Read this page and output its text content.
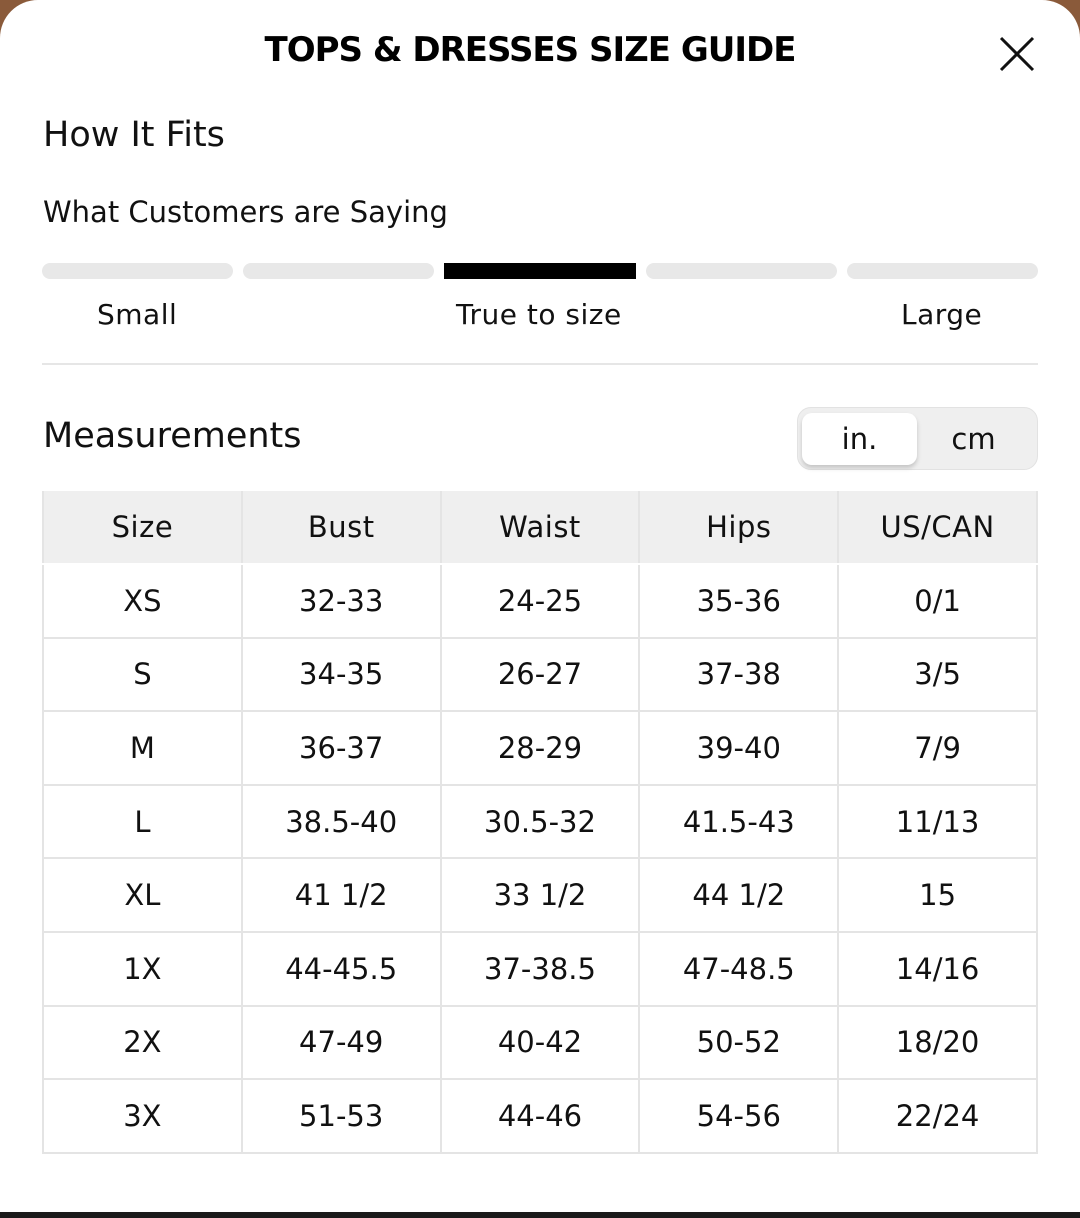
TOPS & DRESSES SIZE GUIDE
How It Fits
What Customers are Saying
Small	True to size	Large
Measurements	in.	cm
Size	Bust	Waist	Hips	US/CAN
XS	32-33	24-25	35-36	0/1
S	34-35	26-27	37-38	3/5
M	36-37	28-29	39-40	7/9
L	38.5-40	30.5-32	41.5-43	11/13
XL	41 1/2	33 1/2	44 1/2	15
1X	44-45.5	37-38.5	47-48.5	14/16
2X	47-49	40-42	50-52	18/20
3X	51-53	44-46	54-56	22/24
